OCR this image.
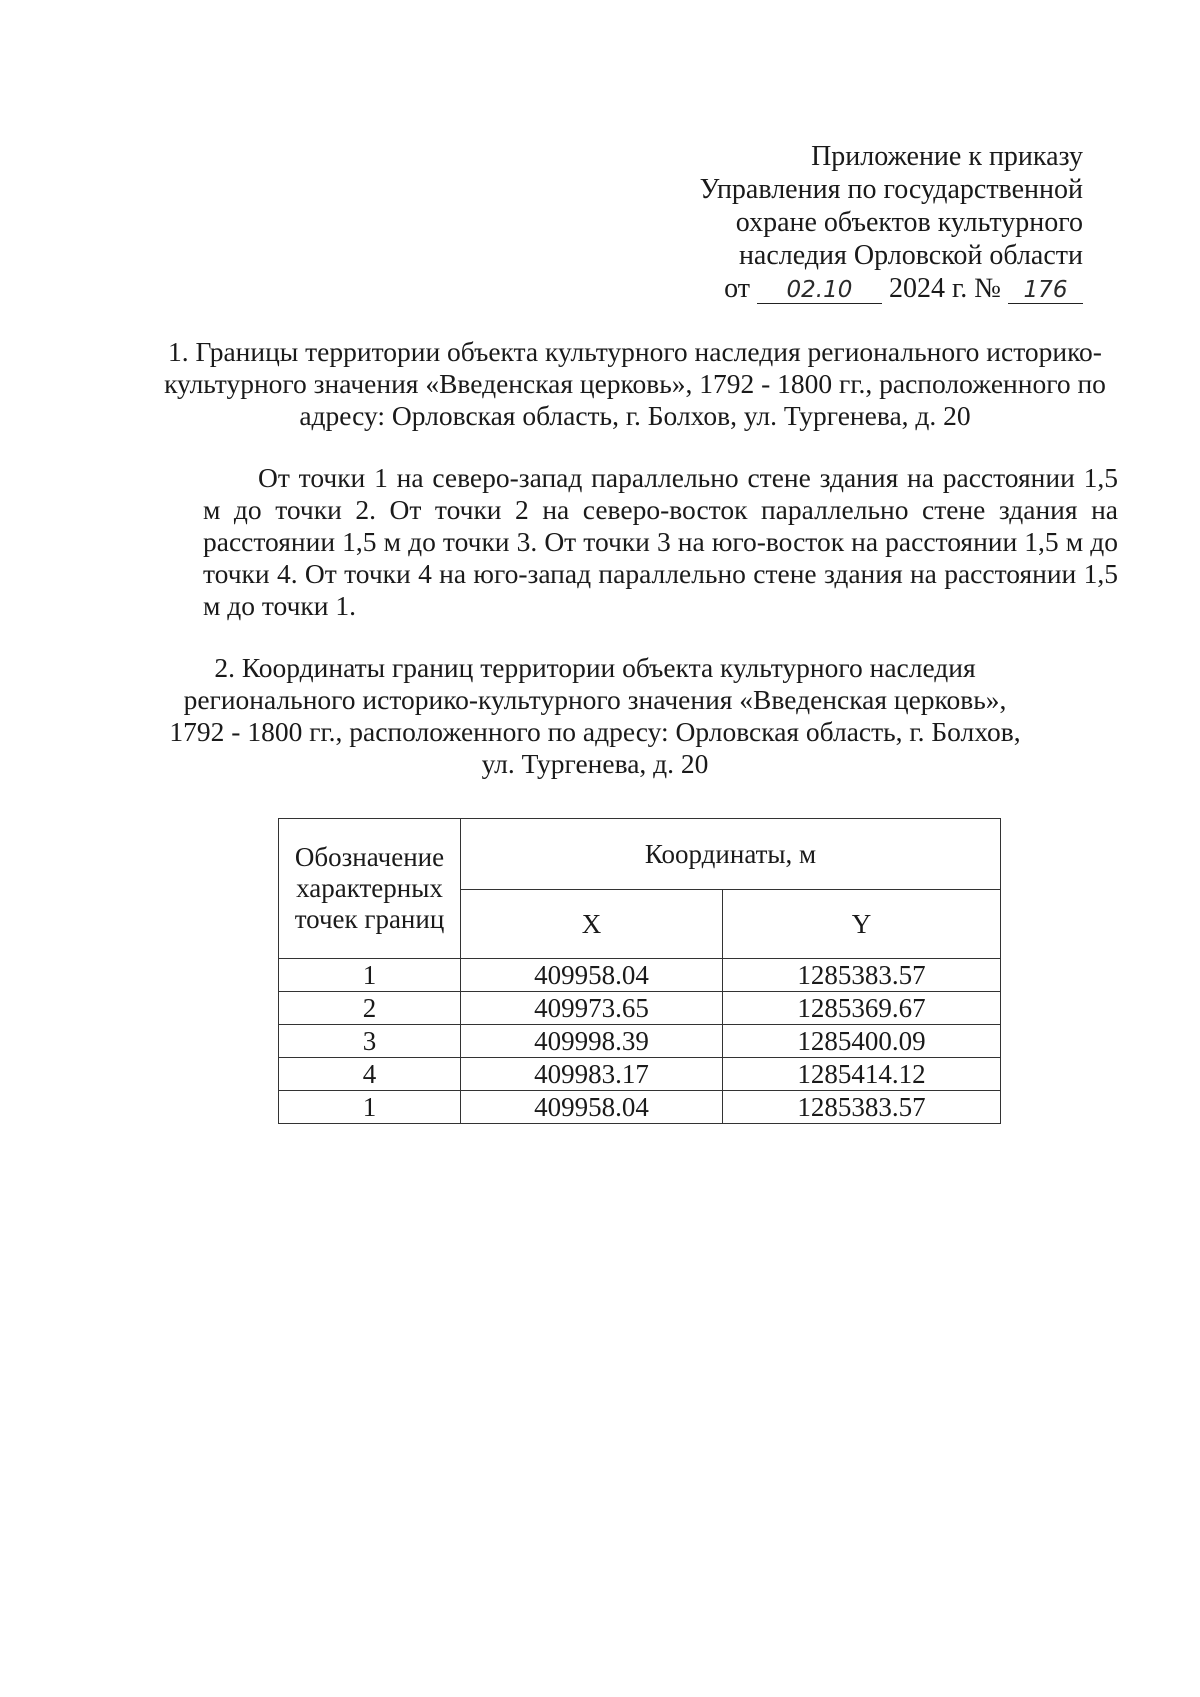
Приложение к приказу
Управления по государственной
охране объектов культурного
наследия Орловской области
от 02.10 2024 г. № 176
1. Границы территории объекта культурного наследия регионального историко-культурного значения «Введенская церковь», 1792 - 1800 гг., расположенного по адресу: Орловская область, г. Болхов, ул. Тургенева, д. 20
От точки 1 на северо-запад параллельно стене здания на расстоянии 1,5 м до точки 2. От точки 2 на северо-восток параллельно стене здания на расстоянии 1,5 м до точки 3. От точки 3 на юго-восток на расстоянии 1,5 м до точки 4. От точки 4 на юго-запад параллельно стене здания на расстоянии 1,5 м до точки 1.
2. Координаты границ территории объекта культурного наследия
регионального историко-культурного значения «Введенская церковь»,
1792 - 1800 гг., расположенного по адресу: Орловская область, г. Болхов,
ул. Тургенева, д. 20
Обозначение характерных точек границ	Координаты, м	
	X	Y
1	409958.04	1285383.57
2	409973.65	1285369.67
3	409998.39	1285400.09
4	409983.17	1285414.12
1	409958.04	1285383.57
